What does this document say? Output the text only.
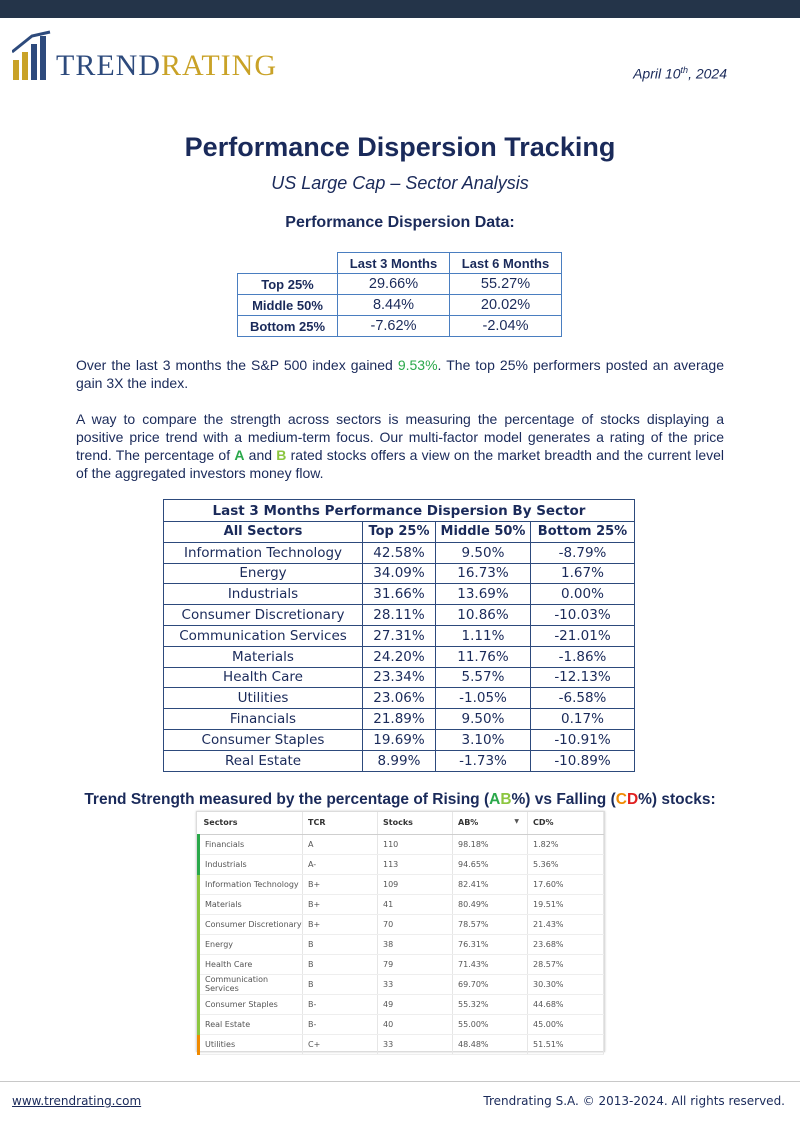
TRENDRATING	April 10th, 2024
Performance Dispersion Tracking
US Large Cap – Sector Analysis
Performance Dispersion Data:
	Last 3 Months	Last 6 Months
Top 25%	29.66%	55.27%
Middle 50%	8.44%	20.02%
Bottom 25%	-7.62%	-2.04%
Over the last 3 months the S&P 500 index gained 9.53%. The top 25% performers posted an average gain 3X the index.
A way to compare the strength across sectors is measuring the percentage of stocks displaying a positive price trend with a medium-term focus. Our multi-factor model generates a rating of the price trend. The percentage of A and B rated stocks offers a view on the market breadth and the current level of the aggregated investors money flow.
Last 3 Months Performance Dispersion By Sector			
All Sectors	Top 25%	Middle 50%	Bottom 25%
Information Technology	42.58%	9.50%	-8.79%
Energy	34.09%	16.73%	1.67%
Industrials	31.66%	13.69%	0.00%
Consumer Discretionary	28.11%	10.86%	-10.03%
Communication Services	27.31%	1.11%	-21.01%
Materials	24.20%	11.76%	-1.86%
Health Care	23.34%	5.57%	-12.13%
Utilities	23.06%	-1.05%	-6.58%
Financials	21.89%	9.50%	0.17%
Consumer Staples	19.69%	3.10%	-10.91%
Real Estate	8.99%	-1.73%	-10.89%
Trend Strength measured by the percentage of Rising (AB%) vs Falling (CD%) stocks:
Sectors	TCR	Stocks	AB% ▼	CD%
Financials	A	110	98.18%	1.82%
Industrials	A-	113	94.65%	5.36%
Information Technology	B+	109	82.41%	17.60%
Materials	B+	41	80.49%	19.51%
Consumer Discretionary	B+	70	78.57%	21.43%
Energy	B	38	76.31%	23.68%
Health Care	B	79	71.43%	28.57%
Communication Services	B	33	69.70%	30.30%
Consumer Staples	B-	49	55.32%	44.68%
Real Estate	B-	40	55.00%	45.00%
Utilities	C+	33	48.48%	51.51%
www.trendrating.com	Trendrating S.A. © 2013-2024. All rights reserved.
